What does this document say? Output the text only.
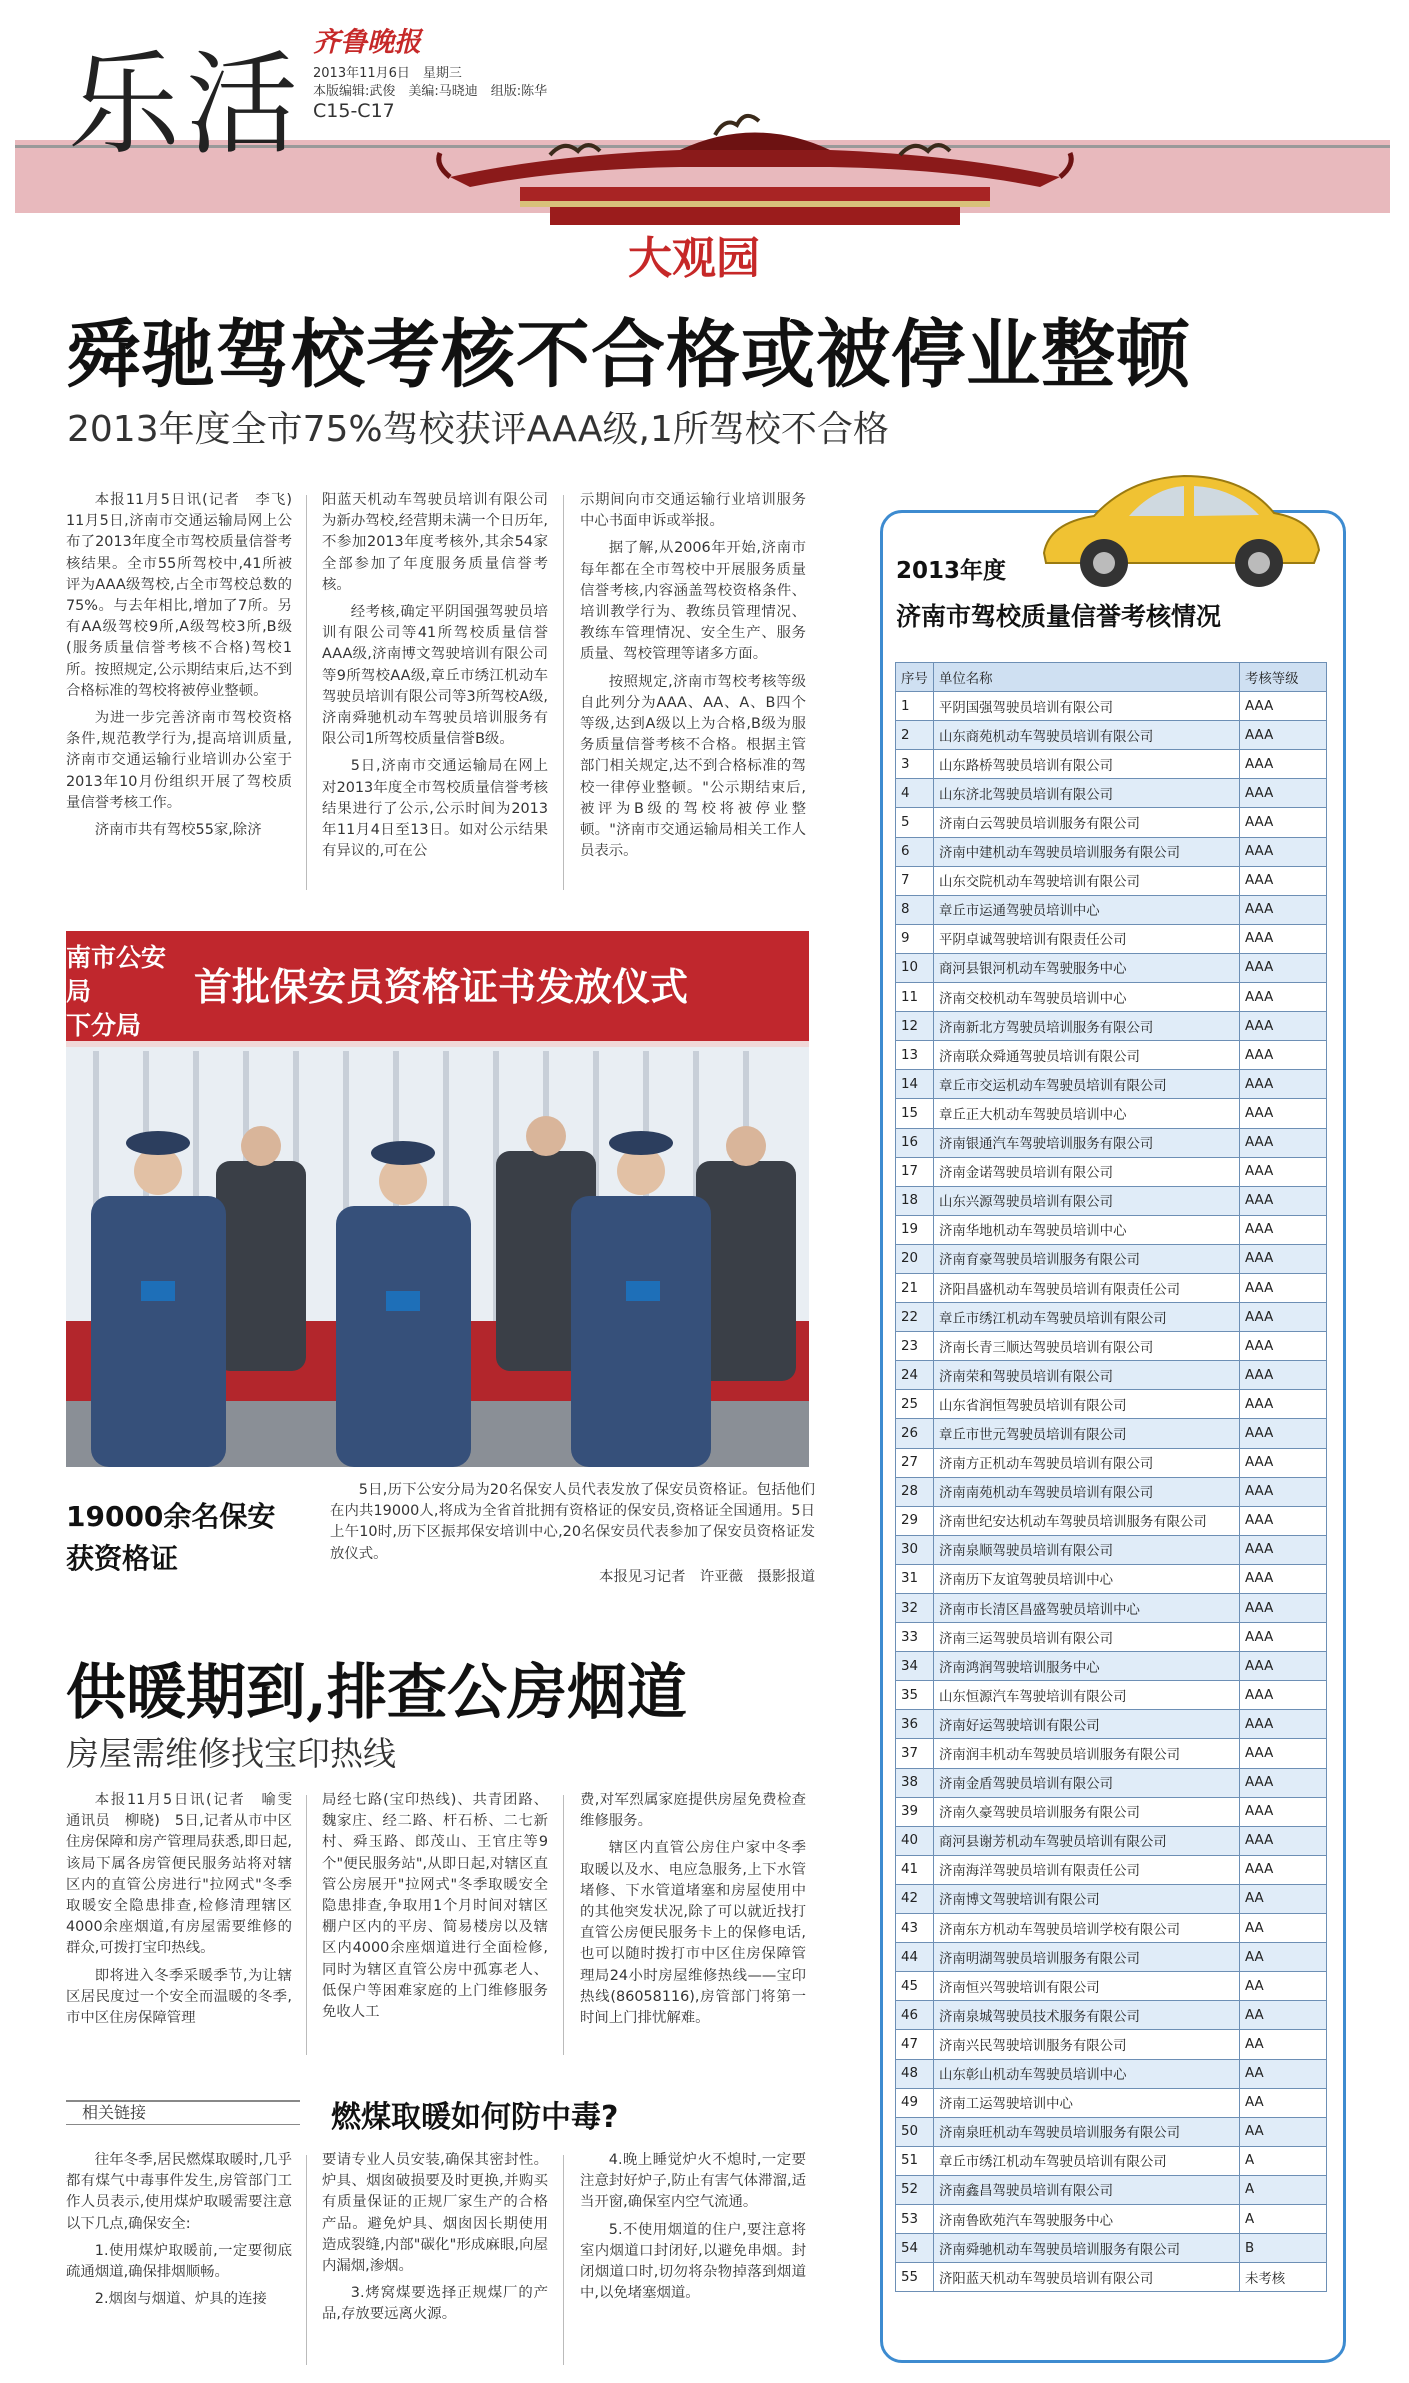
乐活 齐鲁晚报
2013年11月6日　星期三
本版编辑:武俊　美编:马晓迪　组版:陈华
C15-C17
大观园
舜驰驾校考核不合格或被停业整顿
2013年度全市75%驾校获评AAA级,1所驾校不合格

本报11月5日讯(记者　李飞)　11月5日,济南市交通运输局网上公布了2013年度全市驾校质量信誉考核结果。全市55所驾校中,41所被评为AAA级驾校,占全市驾校总数的75%。与去年相比,增加了7所。另有AA级驾校9所,A级驾校3所,B级(服务质量信誉考核不合格)驾校1所。按照规定,公示期结束后,达不到合格标准的驾校将被停业整顿。

为进一步完善济南市驾校资格条件,规范教学行为,提高培训质量,济南市交通运输行业培训办公室于2013年10月份组织开展了驾校质量信誉考核工作。

济南市共有驾校55家,除济

阳蓝天机动车驾驶员培训有限公司为新办驾校,经营期未满一个日历年,不参加2013年度考核外,其余54家全部参加了年度服务质量信誉考核。

经考核,确定平阴国强驾驶员培训有限公司等41所驾校质量信誉AAA级,济南博文驾驶培训有限公司等9所驾校AA级,章丘市绣江机动车驾驶员培训有限公司等3所驾校A级,济南舜驰机动车驾驶员培训服务有限公司1所驾校质量信誉B级。

5日,济南市交通运输局在网上对2013年度全市驾校质量信誉考核结果进行了公示,公示时间为2013年11月4日至13日。如对公示结果有异议的,可在公

示期间向市交通运输行业培训服务中心书面申诉或举报。

据了解,从2006年开始,济南市每年都在全市驾校中开展服务质量信誉考核,内容涵盖驾校资格条件、培训教学行为、教练员管理情况、教练车管理情况、安全生产、服务质量、驾校管理等诸多方面。

按照规定,济南市驾校考核等级自此列分为AAA、AA、A、B四个等级,达到A级以上为合格,B级为服务质量信誉考核不合格。根据主管部门相关规定,达不到合格标准的驾校一律停业整顿。"公示期结束后,被评为B级的驾校将被停业整顿。"济南市交通运输局相关工作人员表示。

南市公安局
下分局
首批保安员资格证书发放仪式
19000余名保安
获资格证
5日,历下公安分局为20名保安人员代表发放了保安员资格证。包括他们在内共19000人,将成为全省首批拥有资格证的保安员,资格证全国通用。5日上午10时,历下区振邦保安培训中心,20名保安员代表参加了保安员资格证发放仪式。
本报见习记者　许亚薇　摄影报道
供暖期到,排查公房烟道
房屋需维修找宝印热线

本报11月5日讯(记者　喻雯　通讯员　柳晓)　5日,记者从市中区住房保障和房产管理局获悉,即日起,该局下属各房管便民服务站将对辖区内的直管公房进行"拉网式"冬季取暖安全隐患排查,检修清理辖区4000余座烟道,有房屋需要维修的群众,可拨打宝印热线。

即将进入冬季采暖季节,为让辖区居民度过一个安全而温暖的冬季,市中区住房保障管理

局经七路(宝印热线)、共青团路、魏家庄、经二路、杆石桥、二七新村、舜玉路、郎茂山、王官庄等9个"便民服务站",从即日起,对辖区直管公房展开"拉网式"冬季取暖安全隐患排查,争取用1个月时间对辖区棚户区内的平房、简易楼房以及辖区内4000余座烟道进行全面检修,同时为辖区直管公房中孤寡老人、低保户等困难家庭的上门维修服务免收人工

费,对军烈属家庭提供房屋免费检查维修服务。

辖区内直管公房住户家中冬季取暖以及水、电应急服务,上下水管堵修、下水管道堵塞和房屋使用中的其他突发状况,除了可以就近找打直管公房便民服务卡上的保修电话,也可以随时拨打市中区住房保障管理局24小时房屋维修热线——宝印热线(86058116),房管部门将第一时间上门排忧解难。

相关链接	燃煤取暖如何防中毒?

往年冬季,居民燃煤取暖时,几乎都有煤气中毒事件发生,房管部门工作人员表示,使用煤炉取暖需要注意以下几点,确保安全:

1.使用煤炉取暖前,一定要彻底疏通烟道,确保排烟顺畅。

2.烟囱与烟道、炉具的连接

要请专业人员安装,确保其密封性。炉具、烟囱破损要及时更换,并购买有质量保证的正规厂家生产的合格产品。避免炉具、烟囱因长期使用造成裂缝,内部"碳化"形成麻眼,向屋内漏烟,渗烟。

3.烤窝煤要选择正规煤厂的产品,存放要远离火源。

4.晚上睡觉炉火不熄时,一定要注意封好炉子,防止有害气体滞溜,适当开窗,确保室内空气流通。

5.不使用烟道的住户,要注意将室内烟道口封闭好,以避免串烟。封闭烟道口时,切勿将杂物掉落到烟道中,以免堵塞烟道。

2013年度
济南市驾校质量信誉考核情况
序号	单位名称	考核等级
1	平阴国强驾驶员培训有限公司	AAA
2	山东商苑机动车驾驶员培训有限公司	AAA
3	山东路桥驾驶员培训有限公司	AAA
4	山东济北驾驶员培训有限公司	AAA
5	济南白云驾驶员培训服务有限公司	AAA
6	济南中建机动车驾驶员培训服务有限公司	AAA
7	山东交院机动车驾驶培训有限公司	AAA
8	章丘市运通驾驶员培训中心	AAA
9	平阴卓诚驾驶培训有限责任公司	AAA
10	商河县银河机动车驾驶服务中心	AAA
11	济南交校机动车驾驶员培训中心	AAA
12	济南新北方驾驶员培训服务有限公司	AAA
13	济南联众舜通驾驶员培训有限公司	AAA
14	章丘市交运机动车驾驶员培训有限公司	AAA
15	章丘正大机动车驾驶员培训中心	AAA
16	济南银通汽车驾驶培训服务有限公司	AAA
17	济南金诺驾驶员培训有限公司	AAA
18	山东兴源驾驶员培训有限公司	AAA
19	济南华地机动车驾驶员培训中心	AAA
20	济南育豪驾驶员培训服务有限公司	AAA
21	济阳昌盛机动车驾驶员培训有限责任公司	AAA
22	章丘市绣江机动车驾驶员培训有限公司	AAA
23	济南长青三顺达驾驶员培训有限公司	AAA
24	济南荣和驾驶员培训有限公司	AAA
25	山东省润恒驾驶员培训有限公司	AAA
26	章丘市世元驾驶员培训有限公司	AAA
27	济南方正机动车驾驶员培训有限公司	AAA
28	济南南苑机动车驾驶员培训有限公司	AAA
29	济南世纪安达机动车驾驶员培训服务有限公司	AAA
30	济南泉顺驾驶员培训有限公司	AAA
31	济南历下友谊驾驶员培训中心	AAA
32	济南市长清区昌盛驾驶员培训中心	AAA
33	济南三运驾驶员培训有限公司	AAA
34	济南鸿润驾驶培训服务中心	AAA
35	山东恒源汽车驾驶培训有限公司	AAA
36	济南好运驾驶培训有限公司	AAA
37	济南润丰机动车驾驶员培训服务有限公司	AAA
38	济南金盾驾驶员培训有限公司	AAA
39	济南久豪驾驶员培训服务有限公司	AAA
40	商河县谢芳机动车驾驶员培训有限公司	AAA
41	济南海洋驾驶员培训有限责任公司	AAA
42	济南博文驾驶培训有限公司	AA
43	济南东方机动车驾驶员培训学校有限公司	AA
44	济南明湖驾驶员培训服务有限公司	AA
45	济南恒兴驾驶培训有限公司	AA
46	济南泉城驾驶员技术服务有限公司	AA
47	济南兴民驾驶培训服务有限公司	AA
48	山东彰山机动车驾驶员培训中心	AA
49	济南工运驾驶培训中心	AA
50	济南泉旺机动车驾驶员培训服务有限公司	AA
51	章丘市绣江机动车驾驶员培训有限公司	A
52	济南鑫昌驾驶员培训有限公司	A
53	济南鲁欧苑汽车驾驶服务中心	A
54	济南舜驰机动车驾驶员培训服务有限公司	B
55	济阳蓝天机动车驾驶员培训有限公司	未考核
